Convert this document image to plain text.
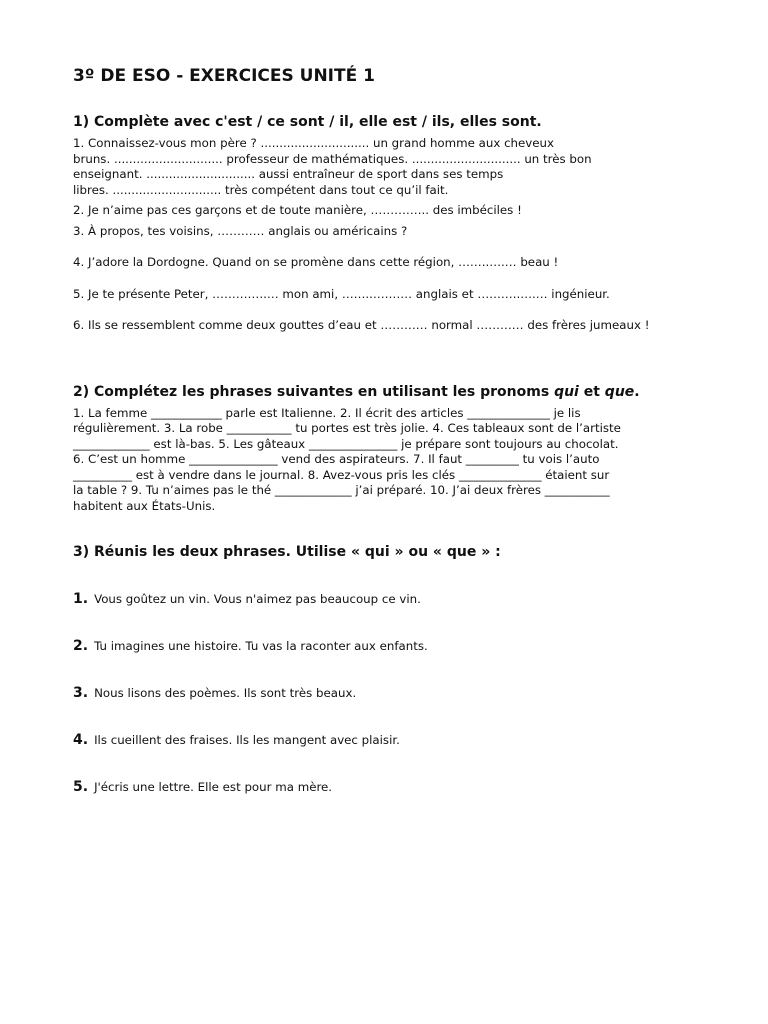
3º DE ESO - EXERCICES UNITÉ 1
1) Complète avec c'est / ce sont / il, elle est / ils, elles sont.

1. Connaissez-vous mon père ? ............................. un grand homme aux cheveux
bruns. ............................. professeur de mathématiques. ............................. un très bon
enseignant. ............................. aussi entraîneur de sport dans ses temps
libres. ............................. très compétent dans tout ce qu’il fait.

2. Je n’aime pas ces garçons et de toute manière, …………... des imbéciles !

3. À propos, tes voisins, ………… anglais ou américains ?

4. J’adore la Dordogne. Quand on se promène dans cette région, ……..….… beau !

5. Je te présente Peter, …………..… mon ami, ……..….…… anglais et ………..….… ingénieur.

6. Ils se ressemblent comme deux gouttes d’eau et ………… normal ………… des frères jumeaux !

2) Complétez les phrases suivantes en utilisant les pronoms qui et que.

1. La femme ____________ parle est Italienne. 2. Il écrit des articles ______________ je lis
régulièrement. 3. La robe ___________ tu portes est très jolie. 4. Ces tableaux sont de l’artiste
_____________ est là-bas. 5. Les gâteaux _______________ je prépare sont toujours au chocolat.
6. C’est un homme _______________ vend des aspirateurs. 7. Il faut _________ tu vois l’auto
__________ est à vendre dans le journal. 8. Avez-vous pris les clés ______________ étaient sur
la table ? 9. Tu n’aimes pas le thé _____________ j’ai préparé. 10. J’ai deux frères ___________
habitent aux États-Unis.

3) Réunis les deux phrases. Utilise « qui » ou « que » :

1. Vous goûtez un vin. Vous n'aimez pas beaucoup ce vin.

2. Tu imagines une histoire. Tu vas la raconter aux enfants.

3. Nous lisons des poèmes. Ils sont très beaux.

4. Ils cueillent des fraises. Ils les mangent avec plaisir.

5. J'écris une lettre. Elle est pour ma mère.
